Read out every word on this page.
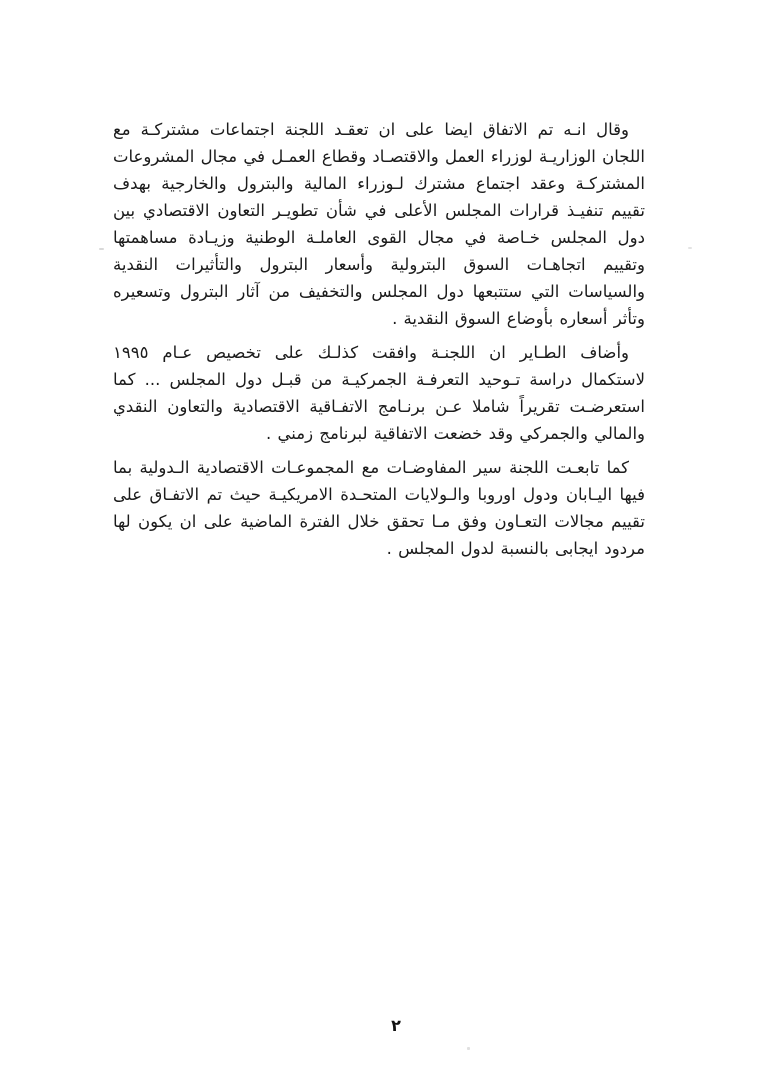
وقال انـه تم الاتفاق ايضا على ان تعقـد اللجنة اجتماعات مشتركـة مع اللجان الوزاريـة لوزراء العمل والاقتصـاد وقطاع العمـل في مجال المشروعات المشتركـة وعقد اجتماع مشترك لـوزراء المالية والبترول والخارجية بهدف تقييم تنفيـذ قرارات المجلس الأعلى في شأن تطويـر التعاون الاقتصادي بين دول المجلس خـاصة في مجال القوى العاملـة الوطنية وزيـادة مساهمتها وتقييم اتجاهـات السوق البترولية وأسعار البترول والتأثيرات النقدية والسياسات التي ستتبعها دول المجلس والتخفيف من آثار البترول وتسعيره وتأثر أسعاره بأوضاع السوق النقدية .

وأضاف الطـاير ان اللجنـة وافقت كذلـك على تخصيص عـام ١٩٩٥ لاستكمال دراسة تـوحيد التعرفـة الجمركيـة من قبـل دول المجلس ... كما استعرضـت تقريراً شاملا عـن برنـامج الاتفـاقية الاقتصادية والتعاون النقدي والمالي والجمركي وقد خضعت الاتفاقية لبرنامج زمني .

كما تابعـت اللجنة سير المفاوضـات مع المجموعـات الاقتصادية الـدولية بما فيها اليـابان ودول اوروبا والـولايات المتحـدة الامريكيـة حيث تم الاتفـاق على تقييم مجالات التعـاون وفق مـا تحقق خلال الفترة الماضية على ان يكون لها مردود ايجابى بالنسبة لدول المجلس .

٢
